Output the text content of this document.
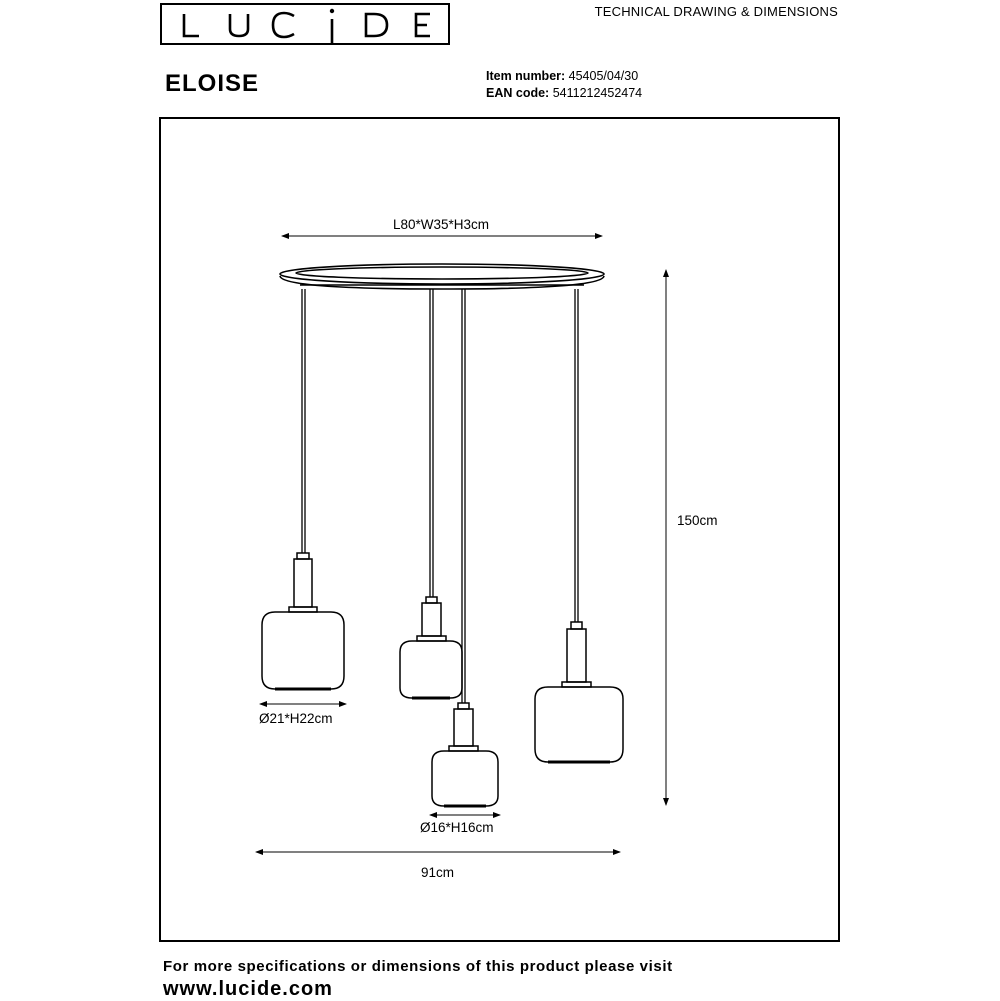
TECHNICAL DRAWING & DIMENSIONS
ELOISE	Item number: 45405/04/30
EAN code: 5411212452474
L80*W35*H3cm
150cm
Ø21*H22cm
Ø16*H16cm
91cm
For more specifications or dimensions of this product please visit
www.lucide.com
